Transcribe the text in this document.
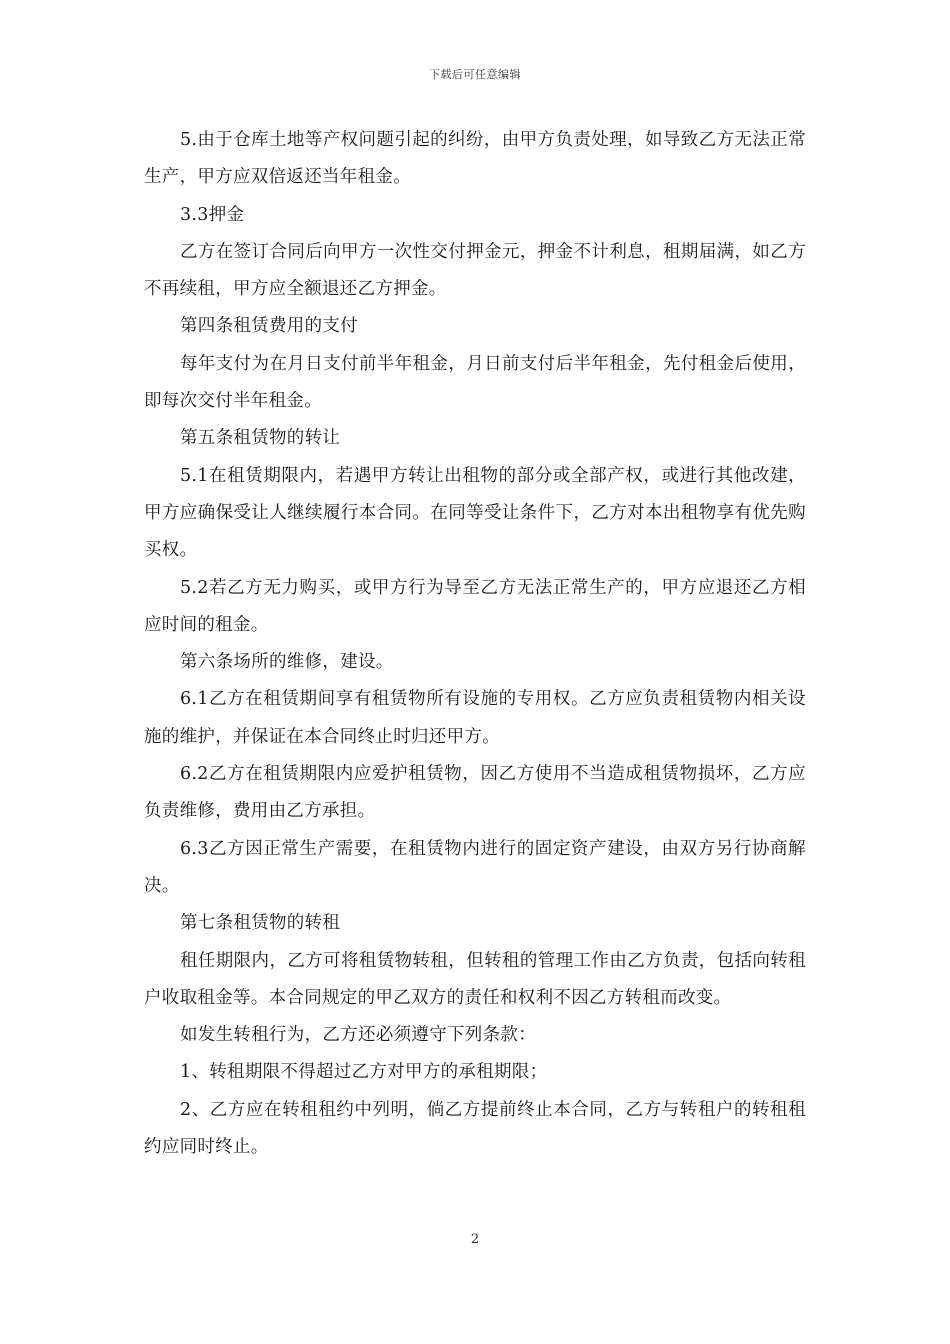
下载后可任意编辑

5.由于仓库土地等产权问题引起的纠纷，由甲方负责处理，如导致乙方无法正常生产，甲方应双倍返还当年租金。

3.3押金

乙方在签订合同后向甲方一次性交付押金元，押金不计利息，租期届满，如乙方不再续租，甲方应全额退还乙方押金。

第四条租赁费用的支付

每年支付为在月日支付前半年租金，月日前支付后半年租金，先付租金后使用，即每次交付半年租金。

第五条租赁物的转让

5.1在租赁期限内，若遇甲方转让出租物的部分或全部产权，或进行其他改建，甲方应确保受让人继续履行本合同。在同等受让条件下，乙方对本出租物享有优先购买权。

5.2若乙方无力购买，或甲方行为导至乙方无法正常生产的，甲方应退还乙方相应时间的租金。

第六条场所的维修，建设。

6.1乙方在租赁期间享有租赁物所有设施的专用权。乙方应负责租赁物内相关设施的维护，并保证在本合同终止时归还甲方。

6.2乙方在租赁期限内应爱护租赁物，因乙方使用不当造成租赁物损坏，乙方应负责维修，费用由乙方承担。

6.3乙方因正常生产需要，在租赁物内进行的固定资产建设，由双方另行协商解决。

第七条租赁物的转租

租任期限内，乙方可将租赁物转租，但转租的管理工作由乙方负责，包括向转租户收取租金等。本合同规定的甲乙双方的责任和权利不因乙方转租而改变。

如发生转租行为，乙方还必须遵守下列条款：

1、转租期限不得超过乙方对甲方的承租期限；

2、乙方应在转租租约中列明，倘乙方提前终止本合同，乙方与转租户的转租租约应同时终止。

2
